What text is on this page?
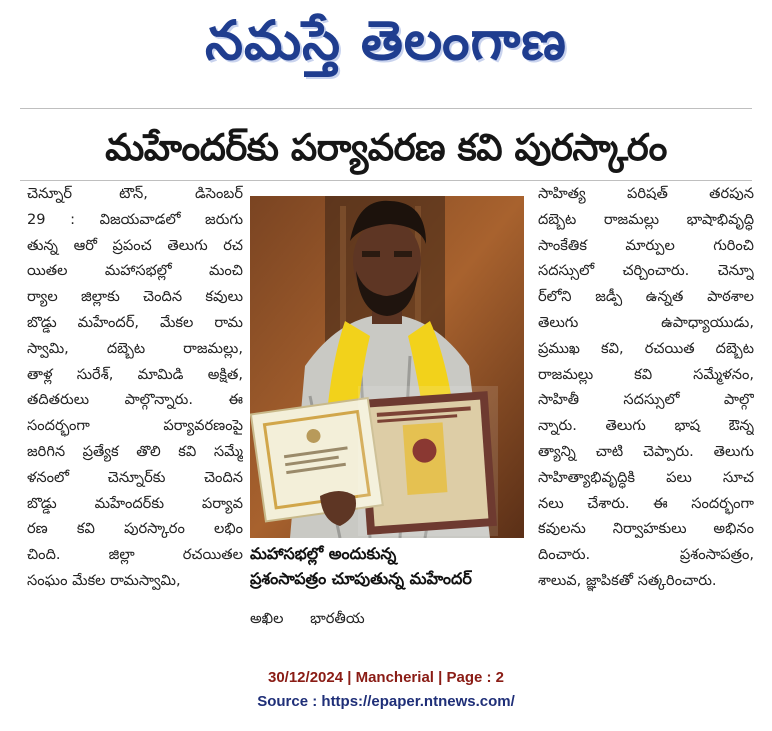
నమస్తే తెలంగాణ
మహేందర్‌కు పర్యావరణ కవి పురస్కారం
చెన్నూర్ టౌన్, డిసెంబర్
29 : విజయవాడలో జరుగు
తున్న ఆరో ప్రపంచ తెలుగు రచ
యితల మహాసభల్లో మంచి
ర్యాల జిల్లాకు చెందిన కవులు
బొడ్డు మహేందర్, మేకల రామ
స్వామి, దబ్బెట రాజమల్లు,
తాళ్ల సురేశ్, మామిడి అక్షిత,
తదితరులు పాల్గొన్నారు. ఈ
సందర్భంగా పర్యావరణంపై
జరిగిన ప్రత్యేక తొలి కవి సమ్మే
ళనంలో చెన్నూర్‌కు చెందిన
బొడ్డు మహేందర్‌కు పర్యావ
రణ కవి పురస్కారం లభిం
చింది. జిల్లా రచయితల
సంఘం మేకల రామస్వామి,
సాహిత్య పరిషత్ తరపున
దబ్బెట రాజమల్లు భాషాభివృద్ధి
సాంకేతిక మార్పుల గురించి
సదస్సులో చర్చించారు. చెన్నూ
ర్‌లోని జడ్పీ ఉన్నత పాఠశాల
తెలుగు ఉపాధ్యాయుడు,
ప్రముఖ కవి, రచయిత దబ్బెట
రాజమల్లు కవి సమ్మేళనం,
సాహితీ సదస్సులో పాల్గొ
న్నారు. తెలుగు భాష ఔన్న
త్యాన్ని చాటి చెప్పారు. తెలుగు
సాహిత్యాభివృద్ధికి పలు సూచ
నలు చేశారు. ఈ సందర్భంగా
కవులను నిర్వాహకులు అభినం
దించారు. ప్రశంసాపత్రం,
శాలువ, జ్ఞాపికతో సత్కరించారు.
మహాసభల్లో అందుకున్న
ప్రశంసాపత్రం చూపుతున్న మహేందర్
అఖిల భారతీయ
30/12/2024 | Mancherial | Page : 2
Source : https://epaper.ntnews.com/
